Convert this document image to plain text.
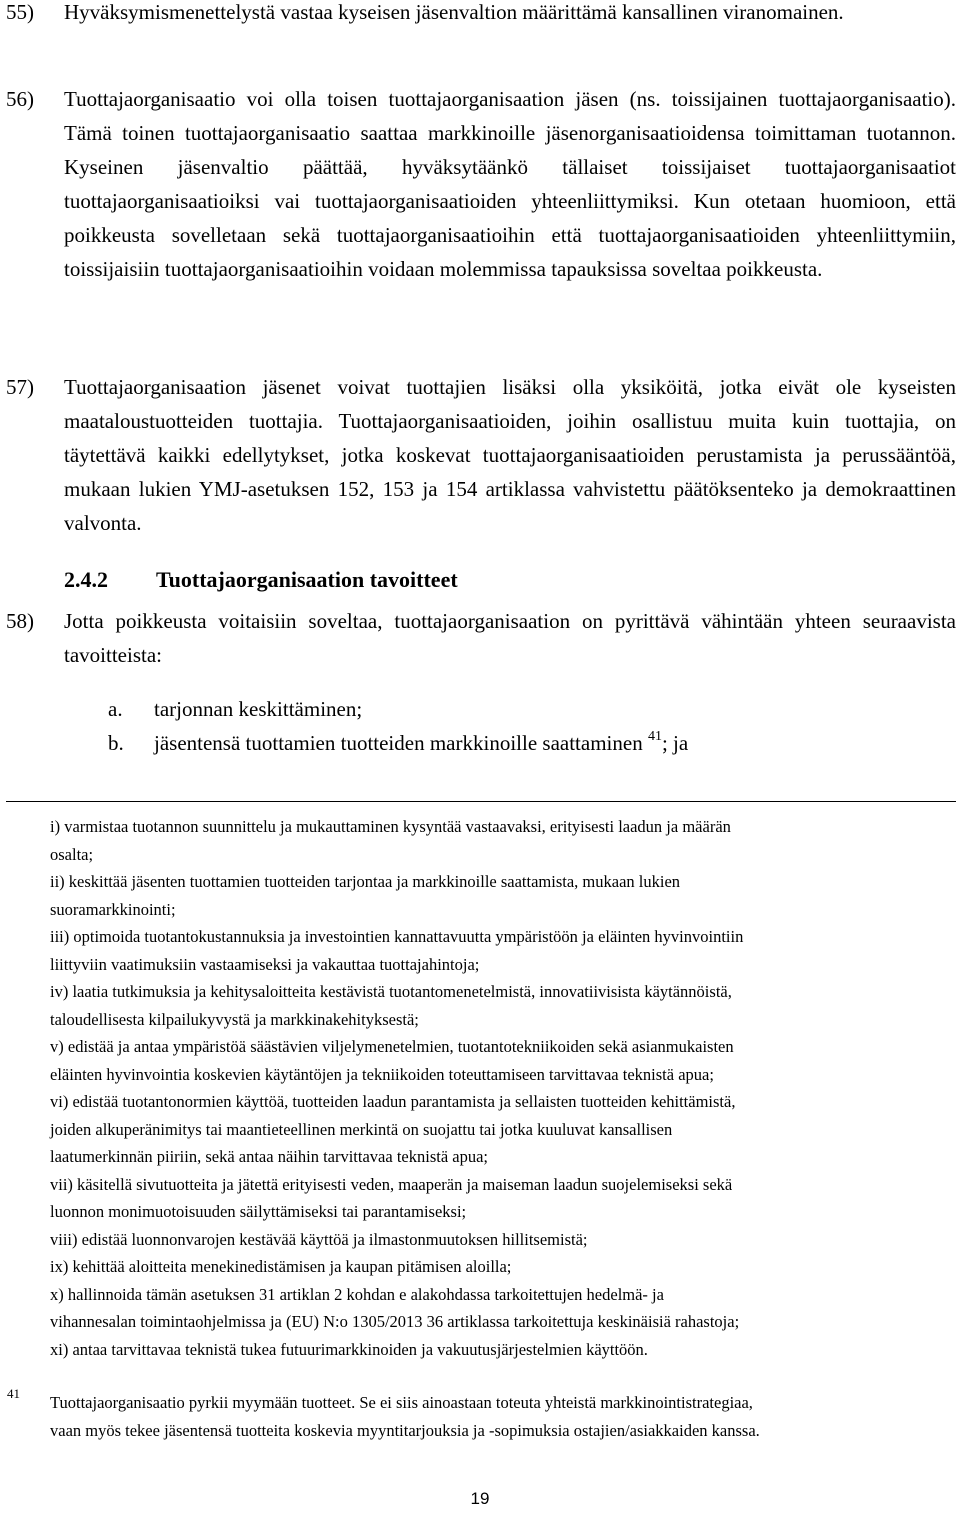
55) Hyväksymismenettelystä vastaa kyseisen jäsenvaltion määrittämä kansallinen viranomainen.
56) Tuottajaorganisaatio voi olla toisen tuottajaorganisaation jäsen (ns. toissijainen tuottajaorganisaatio). Tämä toinen tuottajaorganisaatio saattaa markkinoille jäsenorganisaatioidensa toimittaman tuotannon. Kyseinen jäsenvaltio päättää, hyväksytäänkö tällaiset toissijaiset tuottajaorganisaatiot tuottajaorganisaatioiksi vai tuottajaorganisaatioiden yhteenliittymiksi. Kun otetaan huomioon, että poikkeusta sovelletaan sekä tuottajaorganisaatioihin että tuottajaorganisaatioiden yhteenliittymiin, toissijaisiin tuottajaorganisaatioihin voidaan molemmissa tapauksissa soveltaa poikkeusta.
57) Tuottajaorganisaation jäsenet voivat tuottajien lisäksi olla yksiköitä, jotka eivät ole kyseisten maataloustuotteiden tuottajia. Tuottajaorganisaatioiden, joihin osallistuu muita kuin tuottajia, on täytettävä kaikki edellytykset, jotka koskevat tuottajaorganisaatioiden perustamista ja perussääntöä, mukaan lukien YMJ-asetuksen 152, 153 ja 154 artiklassa vahvistettu päätöksenteko ja demokraattinen valvonta.
2.4.2 Tuottajaorganisaation tavoitteet
58) Jotta poikkeusta voitaisiin soveltaa, tuottajaorganisaation on pyrittävä vähintään yhteen seuraavista tavoitteista:
a. tarjonnan keskittäminen;
b. jäsentensä tuottamien tuotteiden markkinoille saattaminen $^{41}$; ja
i) varmistaa tuotannon suunnittelu ja mukauttaminen kysyntää vastaavaksi, erityisesti laadun ja määrän
osalta;
ii) keskittää jäsenten tuottamien tuotteiden tarjontaa ja markkinoille saattamista, mukaan lukien
suoramarkkinointi;
iii) optimoida tuotantokustannuksia ja investointien kannattavuutta ympäristöön ja eläinten hyvinvointiin
liittyviin vaatimuksiin vastaamiseksi ja vakauttaa tuottajahintoja;
iv) laatia tutkimuksia ja kehitysaloitteita kestävistä tuotantomenetelmistä, innovatiivisista käytännöistä,
taloudellisesta kilpailukyvystä ja markkinakehityksestä;
v) edistää ja antaa ympäristöä säästävien viljelymenetelmien, tuotantotekniikoiden sekä asianmukaisten
eläinten hyvinvointia koskevien käytäntöjen ja tekniikoiden toteuttamiseen tarvittavaa teknistä apua;
vi) edistää tuotantonormien käyttöä, tuotteiden laadun parantamista ja sellaisten tuotteiden kehittämistä,
joiden alkuperänimitys tai maantieteellinen merkintä on suojattu tai jotka kuuluvat kansallisen
laatumerkinnän piiriin, sekä antaa näihin tarvittavaa teknistä apua;
vii) käsitellä sivutuotteita ja jätettä erityisesti veden, maaperän ja maiseman laadun suojelemiseksi sekä
luonnon monimuotoisuuden säilyttämiseksi tai parantamiseksi;
viii) edistää luonnonvarojen kestävää käyttöä ja ilmastonmuutoksen hillitsemistä;
ix) kehittää aloitteita menekinedistämisen ja kaupan pitämisen aloilla;
x) hallinnoida tämän asetuksen 31 artiklan 2 kohdan e alakohdassa tarkoitettujen hedelmä- ja
vihannesalan toimintaohjelmissa ja (EU) N:o 1305/2013 36 artiklassa tarkoitettuja keskinäisiä rahastoja;
xi) antaa tarvittavaa teknistä tukea futuurimarkkinoiden ja vakuutusjärjestelmien käyttöön.
41 Tuottajaorganisaatio pyrkii myymään tuotteet. Se ei siis ainoastaan toteuta yhteistä markkinointistrategiaa,
vaan myös tekee jäsentensä tuotteita koskevia myyntitarjouksia ja -sopimuksia ostajien/asiakkaiden kanssa.
19
